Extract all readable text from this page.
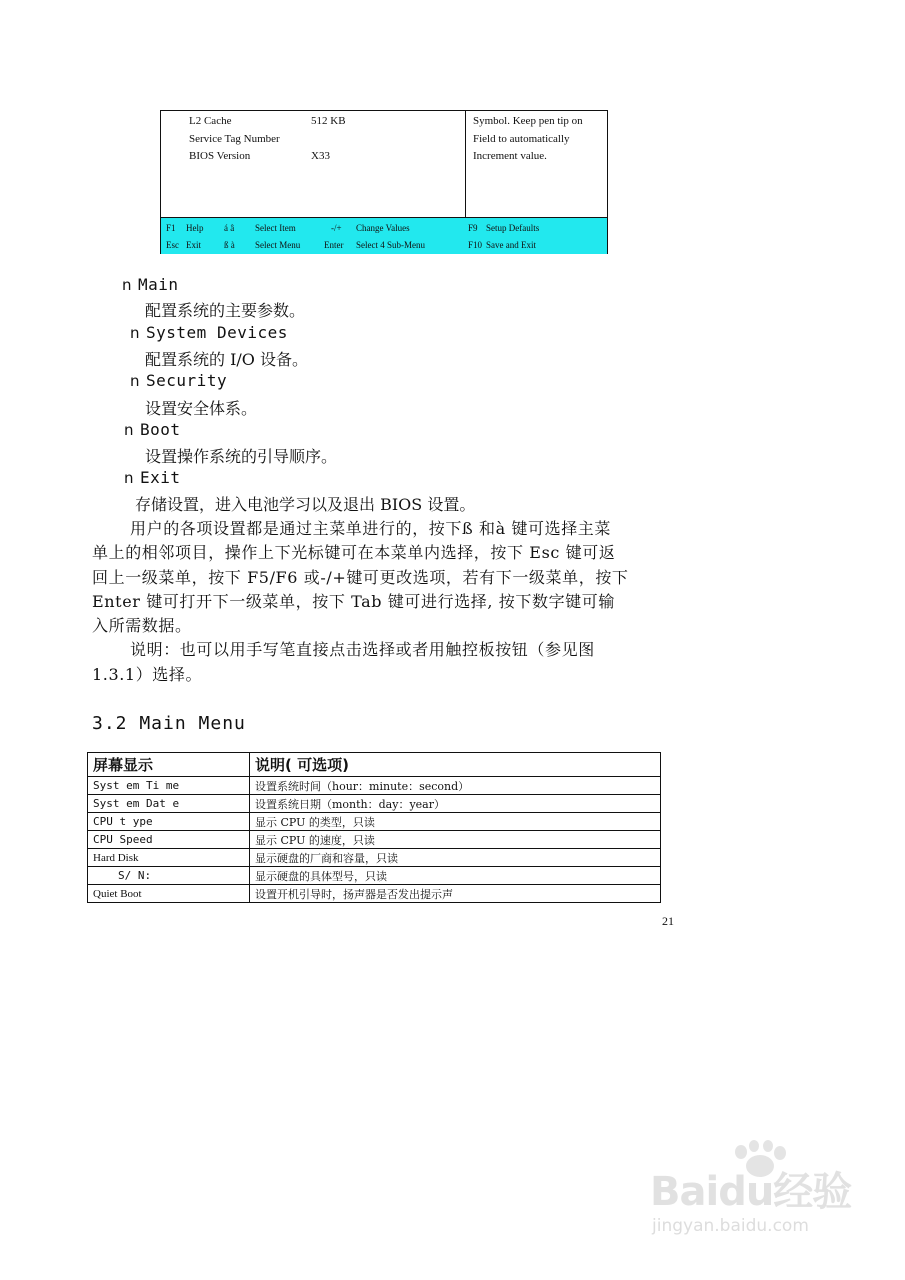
L2 Cache	512 KB
Service Tag Number
BIOS Version	X33
Symbol. Keep pen tip on
Field to automatically
Increment value.
F1 Help á â Select Item	-/+ Change Values	F9 Setup Defaults
Esc Exit	ß à Select Menu	Enter Select 4 Sub-Menu	F10 Save and Exit
n Main
配置系统的主要参数。
n System Devices
配置系统的 I/O 设备。
n Security
设置安全体系。
n Boot
设置操作系统的引导顺序。
n Exit
存储设置，进入电池学习以及退出 BIOS 设置。
用户的各项设置都是通过主菜单进行的，按下ß 和à 键可选择主菜
单上的相邻项目，操作上下光标键可在本菜单内选择，按下 Esc 键可返
回上一级菜单，按下 F5/F6 或-/+键可更改选项，若有下一级菜单，按下
Enter 键可打开下一级菜单，按下 Tab 键可进行选择, 按下数字键可输
入所需数据。
说明：也可以用手写笔直接点击选择或者用触控板按钮（参见图
1.3.1）选择。
3.2 Main Menu
屏幕显示	说明( 可选项)
Syst em Ti me	设置系统时间（hour：minute：second）
Syst em Dat e	设置系统日期（month：day：year）
CPU t ype	显示 CPU 的类型，只读
CPU Speed	显示 CPU 的速度，只读
Hard Disk	显示硬盘的厂商和容量，只读
S/ N:	显示硬盘的具体型号，只读
Quiet Boot	设置开机引导时，扬声器是否发出提示声
21
Baidu经验
jingyan.baidu.com
